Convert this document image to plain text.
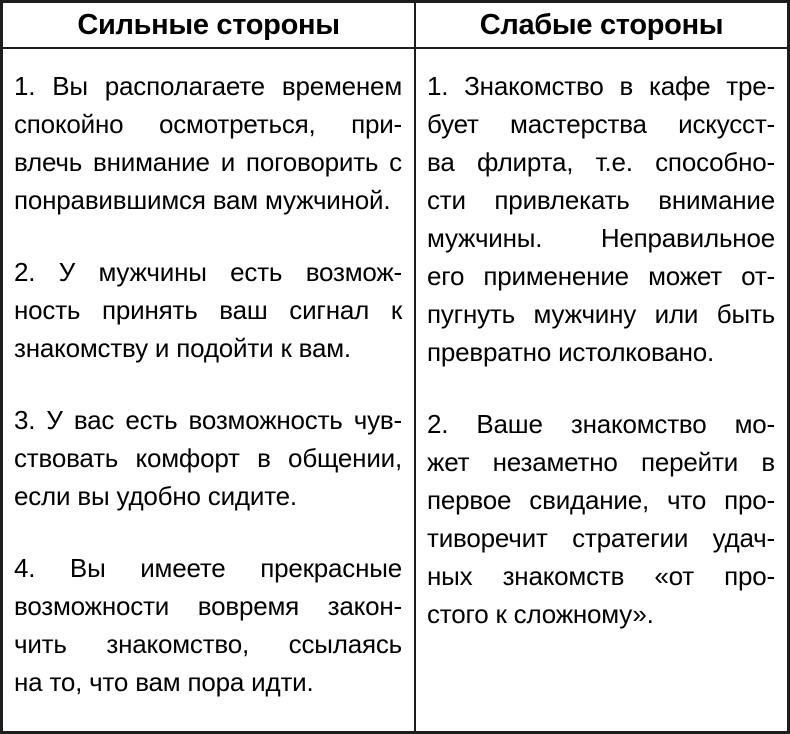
Сильные стороны
1. Вы располагаете временем
спокойно осмотреться, при-
влечь внимание и поговорить с
понравившимся вам мужчиной.
2. У мужчины есть возмож-
ность принять ваш сигнал к
знакомству и подойти к вам.
3. У вас есть возможность чув-
ствовать комфорт в общении,
если вы удобно сидите.
4. Вы имеете прекрасные
возможности вовремя закон-
чить знакомство, ссылаясь
на то, что вам пора идти.
Слабые стороны
1. Знакомство в кафе тре-
бует мастерства искусст-
ва флирта, т.е. способно-
сти привлекать внимание
мужчины. Неправильное
его применение может от-
пугнуть мужчину или быть
превратно истолковано.
2. Ваше знакомство мо-
жет незаметно перейти в
первое свидание, что про-
тиворечит стратегии удач-
ных знакомств «от про-
стого к сложному».
